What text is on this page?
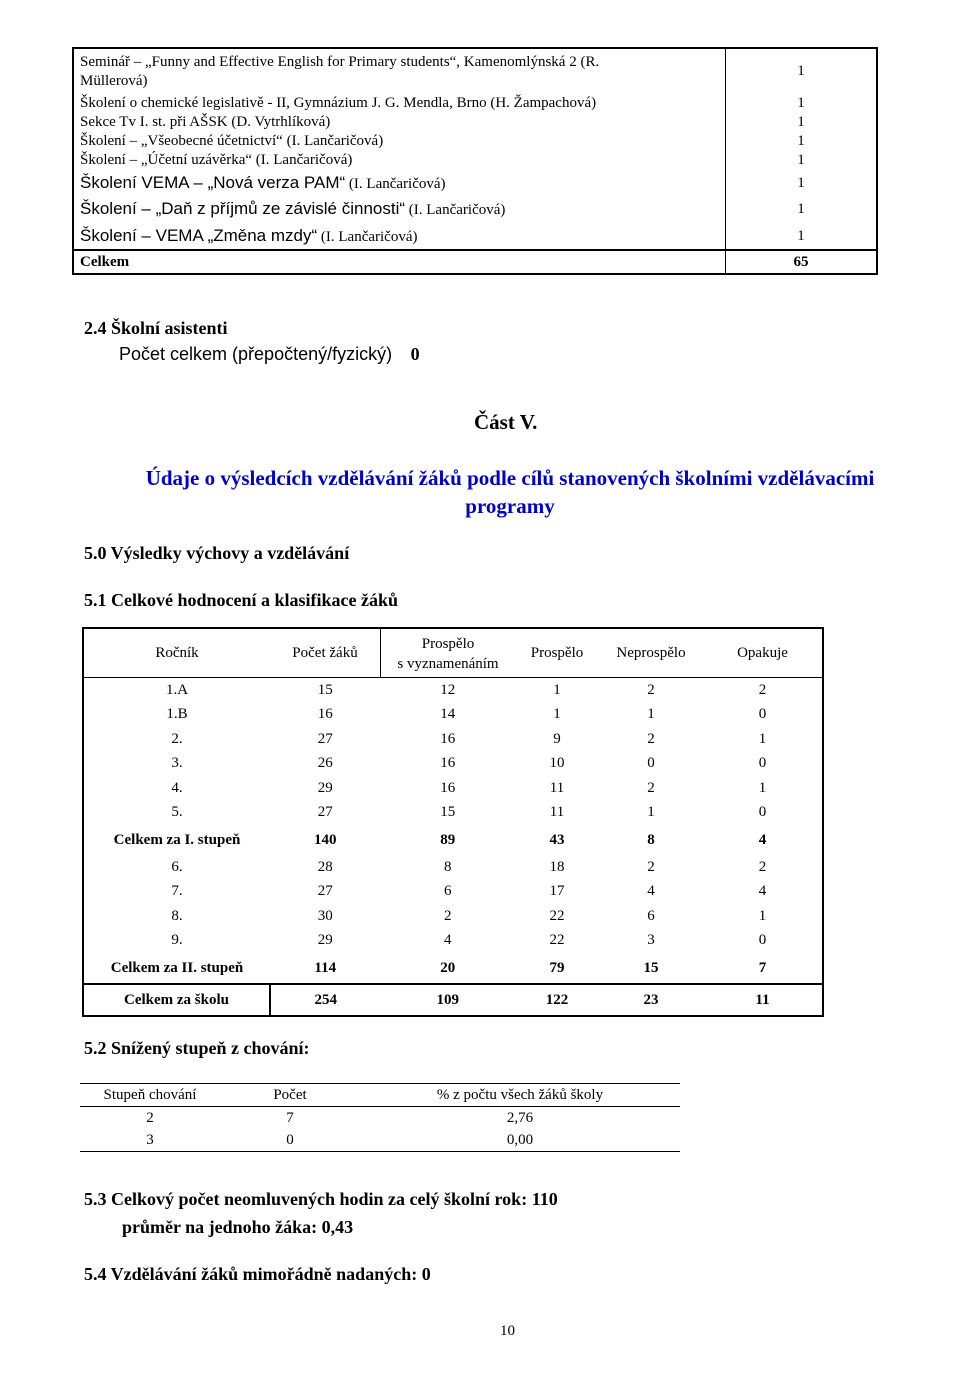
Seminář – „Funny and Effective English for Primary students“, Kamenomlýnská 2 (R. Müllerová)	1
Školení o chemické legislativě - II, Gymnázium J. G. Mendla, Brno (H. Žampachová)	1
Sekce Tv I. st. při AŠSK (D. Vytrhlíková)	1
Školení – „Všeobecné účetnictví“ (I. Lančaričová)	1
Školení – „Účetní uzávěrka“ (I. Lančaričová)	1
Školení VEMA – „Nová verza PAM“ (I. Lančaričová)	1
Školení – „Daň z příjmů ze závislé činnosti“ (I. Lančaričová)	1
Školení – VEMA „Změna mzdy“ (I. Lančaričová)	1
Celkem	65
2.4 Školní asistenti
Počet celkem (přepočtený/fyzický) 0
Část V.
Údaje o výsledcích vzdělávání žáků podle cílů stanovených školními vzdělávacími
programy
5.0 Výsledky výchovy a vzdělávání
5.1 Celkové hodnocení a klasifikace žáků
Ročník	Počet žáků	Prospělo
s vyznamenáním	Prospělo	Neprospělo	Opakuje
1.A	15	12	1	2	2
1.B	16	14	1	1	0
2.	27	16	9	2	1
3.	26	16	10	0	0
4.	29	16	11	2	1
5.	27	15	11	1	0
Celkem za I. stupeň	140	89	43	8	4
6.	28	8	18	2	2
7.	27	6	17	4	4
8.	30	2	22	6	1
9.	29	4	22	3	0
Celkem za II. stupeň	114	20	79	15	7
Celkem za školu	254	109	122	23	11
5.2 Snížený stupeň z chování:
Stupeň chování	Počet	% z počtu všech žáků školy
2	7	2,76
3	0	0,00
5.3 Celkový počet neomluvených hodin za celý školní rok: 110
průměr na jednoho žáka: 0,43
5.4 Vzdělávání žáků mimořádně nadaných: 0
10
